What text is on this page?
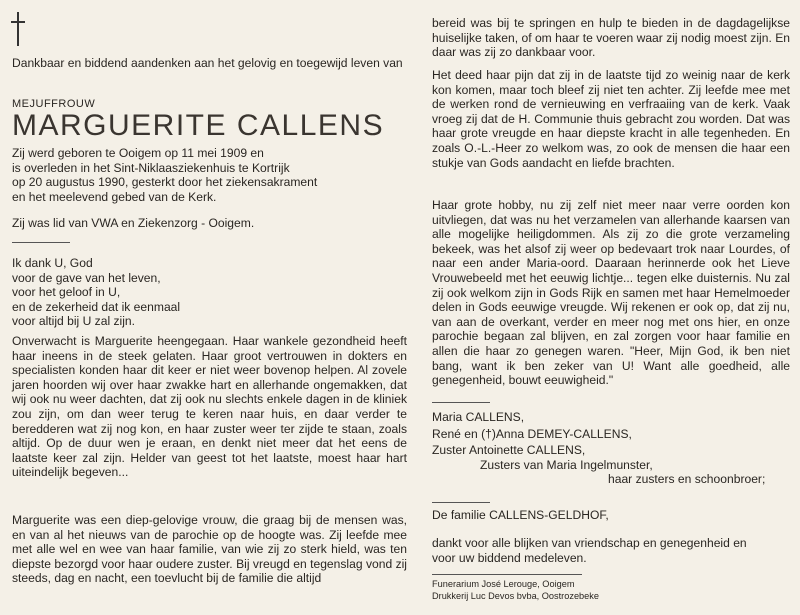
Dankbaar en biddend aandenken aan het gelovig en toegewijd leven van

MEJUFFROUW
MARGUERITE CALLENS
Zij werd geboren te Ooigem op 11 mei 1909 en
is overleden in het Sint-Niklaasziekenhuis te Kortrijk
op 20 augustus 1990, gesterkt door het ziekensakrament
en het meelevend gebed van de Kerk.
Zij was lid van VWA en Ziekenzorg - Ooigem.
Ik dank U, God
voor de gave van het leven,
voor het geloof in U,
en de zekerheid dat ik eenmaal
voor altijd bij U zal zijn.

Onverwacht is Marguerite heengegaan. Haar wankele gezondheid heeft haar ineens in de steek gelaten. Haar groot vertrouwen in dokters en specialisten konden haar dit keer er niet weer bovenop helpen. Al zovele jaren hoorden wij over haar zwakke hart en allerhande ongemakken, dat wij ook nu weer dachten, dat zij ook nu slechts enkele dagen in de kliniek zou zijn, om dan weer terug te keren naar huis, en daar verder te beredderen wat zij nog kon, en haar zuster weer ter zijde te staan, zoals altijd. Op de duur wen je eraan, en denkt niet meer dat het eens de laatste keer zal zijn. Helder van geest tot het laatste, moest haar hart uiteindelijk begeven...

Marguerite was een diep-gelovige vrouw, die graag bij de mensen was, en van al het nieuws van de parochie op de hoogte was. Zij leefde mee met alle wel en wee van haar familie, van wie zij zo sterk hield, was ten diepste bezorgd voor haar oudere zuster. Bij vreugd en tegenslag vond zij steeds, dag en nacht, een toevlucht bij de familie die altijd

bereid was bij te springen en hulp te bieden in de dagdagelijkse huiselijke taken, of om haar te voeren waar zij nodig moest zijn. En daar was zij zo dankbaar voor.

Het deed haar pijn dat zij in de laatste tijd zo weinig naar de kerk kon komen, maar toch bleef zij niet ten achter. Zij leefde mee met de werken rond de vernieuwing en verfraaiing van de kerk. Vaak vroeg zij dat de H. Communie thuis gebracht zou worden. Dat was haar grote vreugde en haar diepste kracht in alle tegenheden. En zoals O.-L.-Heer zo welkom was, zo ook de mensen die haar een stukje van Gods aandacht en liefde brachten.

Haar grote hobby, nu zij zelf niet meer naar verre oorden kon uitvliegen, dat was nu het verzamelen van allerhande kaarsen van alle mogelijke heiligdommen. Als zij zo die grote verzameling bekeek, was het alsof zij weer op bedevaart trok naar Lourdes, of naar een ander Maria-oord. Daaraan herinnerde ook het Lieve Vrouwebeeld met het eeuwig lichtje... tegen elke duisternis. Nu zal zij ook welkom zijn in Gods Rijk en samen met haar Hemelmoeder delen in Gods eeuwige vreugde. Wij rekenen er ook op, dat zij nu, van aan de overkant, verder en meer nog met ons hier, en onze parochie begaan zal blijven, en zal zorgen voor haar familie en allen die haar zo genegen waren. "Heer, Mijn God, ik ben niet bang, want ik ben zeker van U! Want alle goedheid, alle genegenheid, bouwt eeuwigheid."

Maria CALLENS,
René en (†)Anna DEMEY-CALLENS,
Zuster Antoinette CALLENS,
Zusters van Maria Ingelmunster,
haar zusters en schoonbroer;
De familie CALLENS-GELDHOF,
dankt voor alle blijken van vriendschap en genegenheid en
voor uw biddend medeleven.
Funerarium José Lerouge, Ooigem
Drukkerij Luc Devos bvba, Oostrozebeke
